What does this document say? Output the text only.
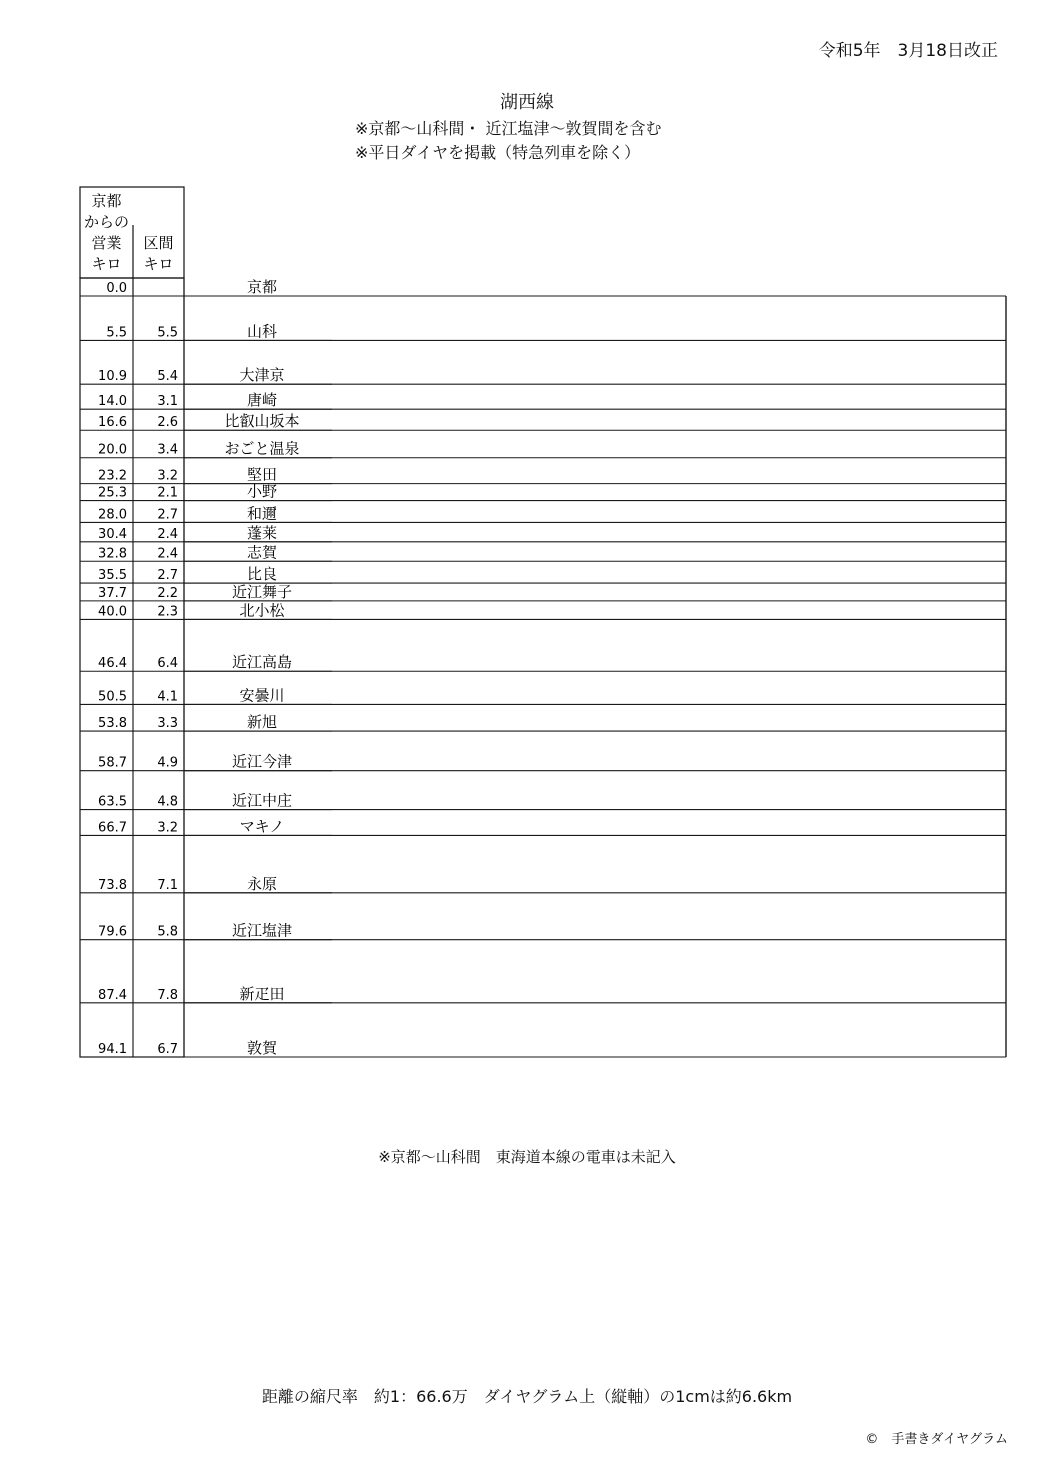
令和5年　3月18日改正
湖西線
※京都～山科間・ 近江塩津～敦賀間を含む
※平日ダイヤを掲載（特急列車を除く）
京都
からの
営業
キロ
区間
キロ
0.0	京都
5.5 5.5	山科
10.9 5.4	大津京
14.0 3.1	唐崎
16.6 2.6	比叡山坂本
20.0 3.4	おごと温泉
23.2 3.2	堅田
25.3 2.1	小野
28.0 2.7	和邇
30.4 2.4	蓬莱
32.8 2.4	志賀
35.5 2.7	比良
37.7 2.2	近江舞子
40.0 2.3	北小松
46.4 6.4	近江高島
50.5 4.1	安曇川
53.8 3.3	新旭
58.7 4.9	近江今津
63.5 4.8	近江中庄
66.7 3.2	マキノ
73.8 7.1	永原
79.6 5.8	近江塩津
87.4 7.8	新疋田
94.1 6.7	敦賀
※京都～山科間　東海道本線の電車は未記入
距離の縮尺率　約1：66.6万　ダイヤグラム上（縦軸）の1cmは約6.6km
©　手書きダイヤグラム
